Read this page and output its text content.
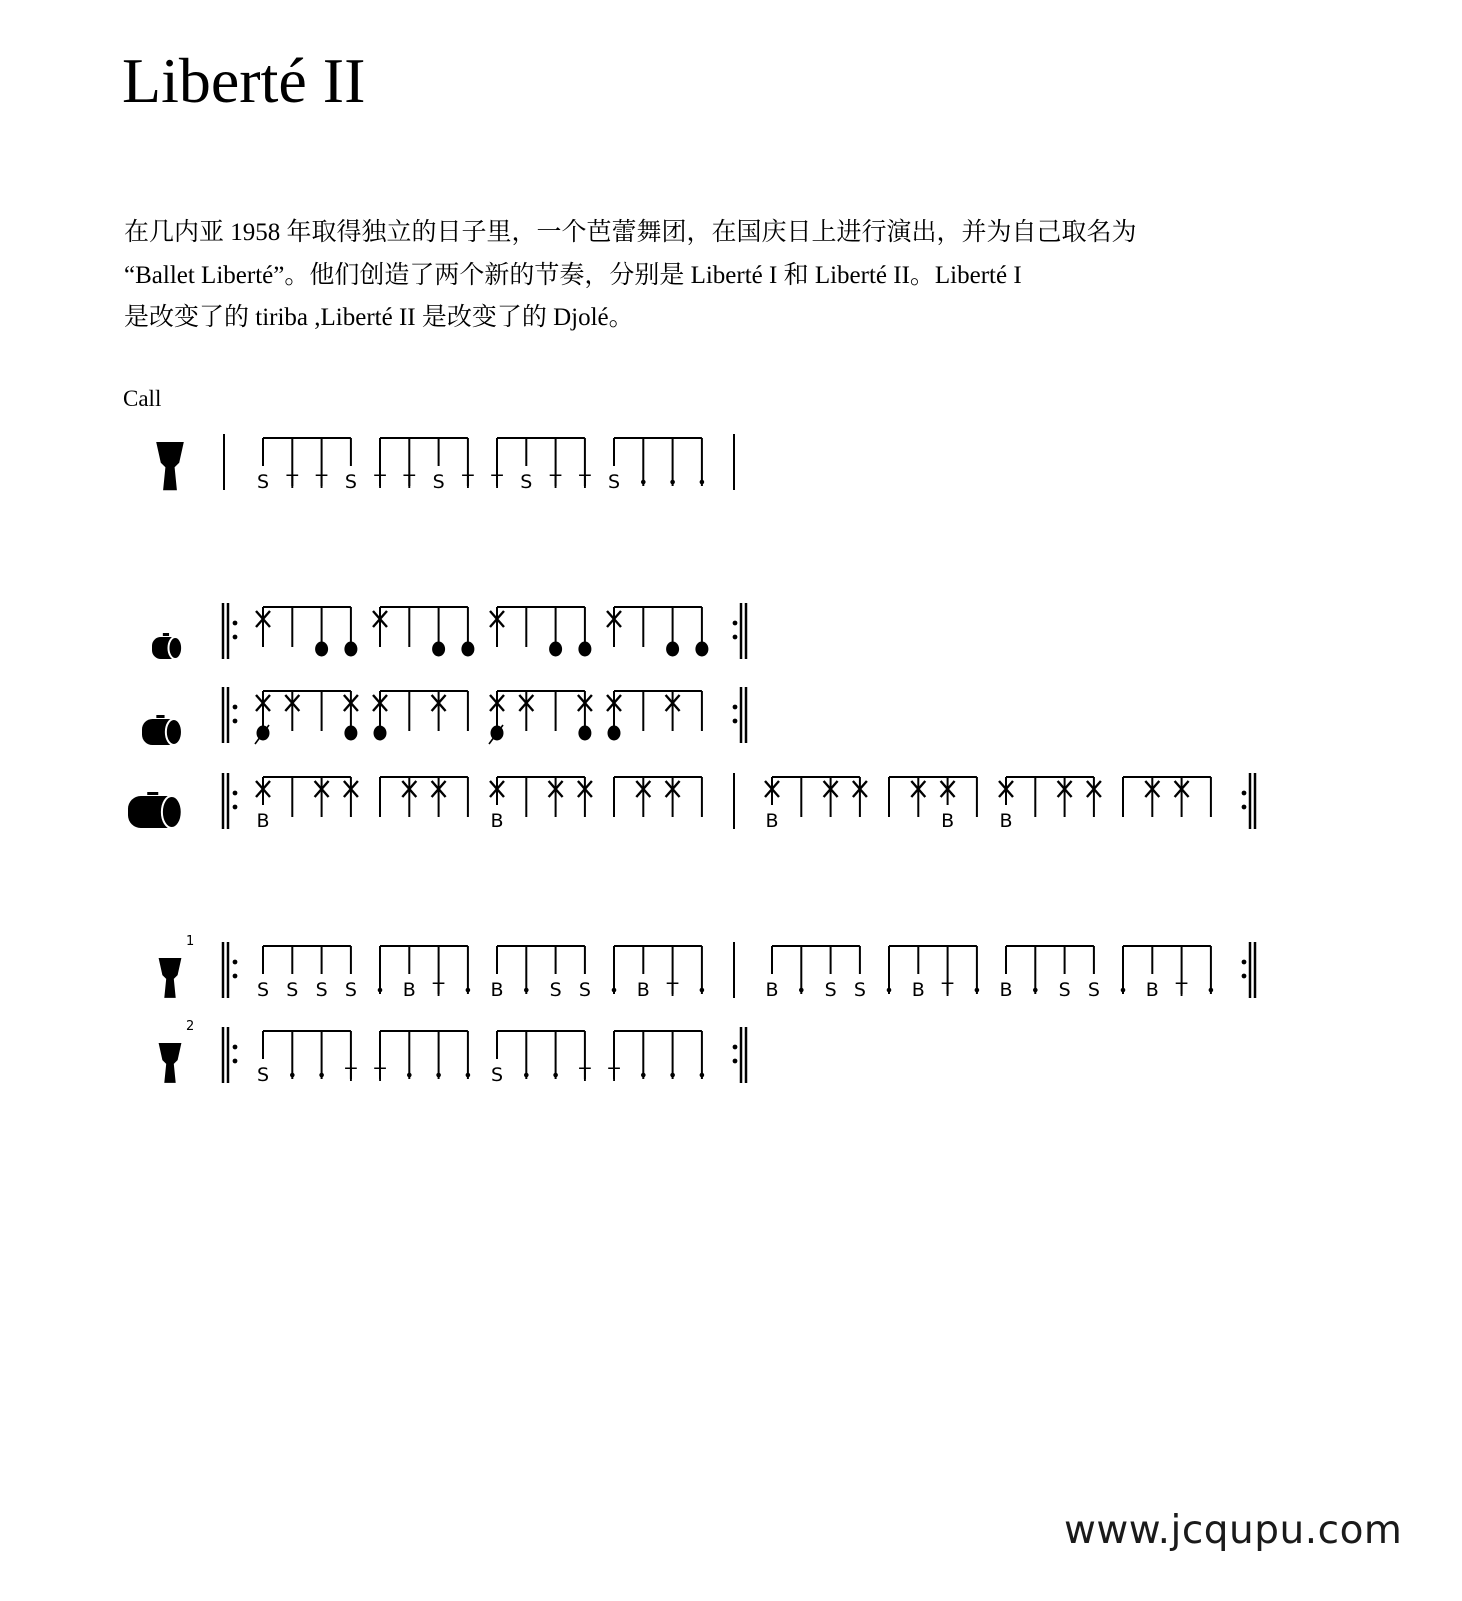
Liberté II
在几内亚 1958 年取得独立的日子里，一个芭蕾舞团，在国庆日上进行演出，并为自己取名为
“Ballet Liberté”。他们创造了两个新的节奏，分别是 Liberté I 和 Liberté II。Liberté I
是改变了的 tiriba ,Liberté II 是改变了的 Djolé。
Call
S T T S T T S T T S T T S
B	B	B	B B
1
S S S S B T B S S B T	B S S B T B S S B T
2
S	T T	S	T T
www.jcqupu.com
